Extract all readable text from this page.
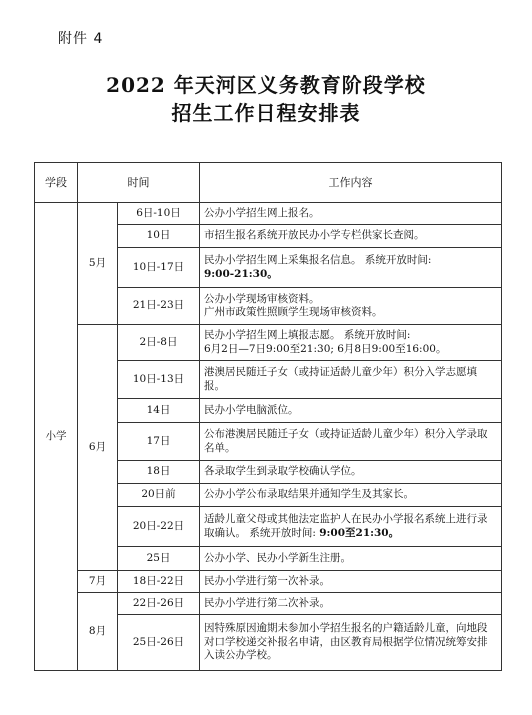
附件 4
2022 年天河区义务教育阶段学校
招生工作日程安排表
学段	时间		工作内容
小学	5月	6日-10日	公办小学招生网上报名。
		10日	市招生报名系统开放民办小学专栏供家长查阅。
		10日-17日	民办小学招生网上采集报名信息。 系统开放时间:
9:00-21:30。
		21日-23日	公办小学现场审核资料。
广州市政策性照顾学生现场审核资料。
	6月	2日-8日	民办小学招生网上填报志愿。 系统开放时间:
6月2日—7日9:00至21:30; 6月8日9:00至16:00。
		10日-13日	港澳居民随迁子女（或持证适龄儿童少年）积分入学志愿填报。
		14日	民办小学电脑派位。
		17日	公布港澳居民随迁子女（或持证适龄儿童少年）积分入学录取名单。
		18日	各录取学生到录取学校确认学位。
		20日前	公办小学公布录取结果并通知学生及其家长。
		20日-22日	适龄儿童父母或其他法定监护人在民办小学报名系统上进行录取确认。 系统开放时间: 9:00至21:30。
		25日	公办小学、民办小学新生注册。
	7月	18日-22日	民办小学进行第一次补录。
	8月	22日-26日	民办小学进行第二次补录。
		25日-26日	因特殊原因逾期未参加小学招生报名的户籍适龄儿童，向地段对口学校递交补报名申请，由区教育局根据学位情况统筹安排入读公办学校。
